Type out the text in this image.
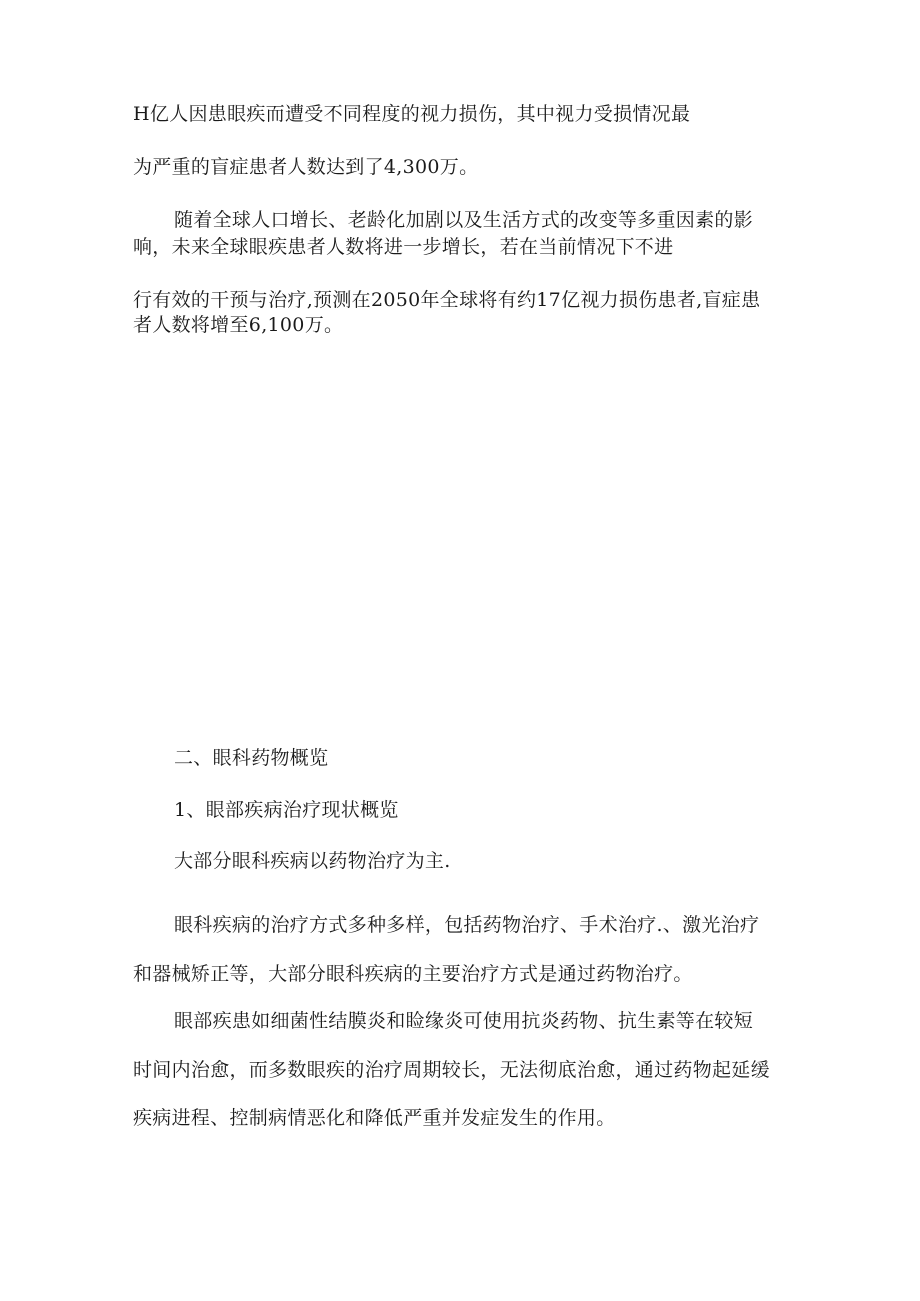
H亿人因患眼疾而遭受不同程度的视力损伤，其中视力受损情况最
为严重的盲症患者人数达到了4,300万。
随着全球人口增长、老龄化加剧以及生活方式的改变等多重因素的影
响，未来全球眼疾患者人数将进一步增长，若在当前情况下不进
行有效的干预与治疗,预测在2050年全球将有约17亿视力损伤患者,盲症患
者人数将增至6,100万。
二、眼科药物概览
1、眼部疾病治疗现状概览
大部分眼科疾病以药物治疗为主.
眼科疾病的治疗方式多种多样，包括药物治疗、手术治疗.、激光治疗
和器械矫正等，大部分眼科疾病的主要治疗方式是通过药物治疗。
眼部疾患如细菌性结膜炎和睑缘炎可使用抗炎药物、抗生素等在较短
时间内治愈，而多数眼疾的治疗周期较长，无法彻底治愈，通过药物起延缓
疾病进程、控制病情恶化和降低严重并发症发生的作用。
